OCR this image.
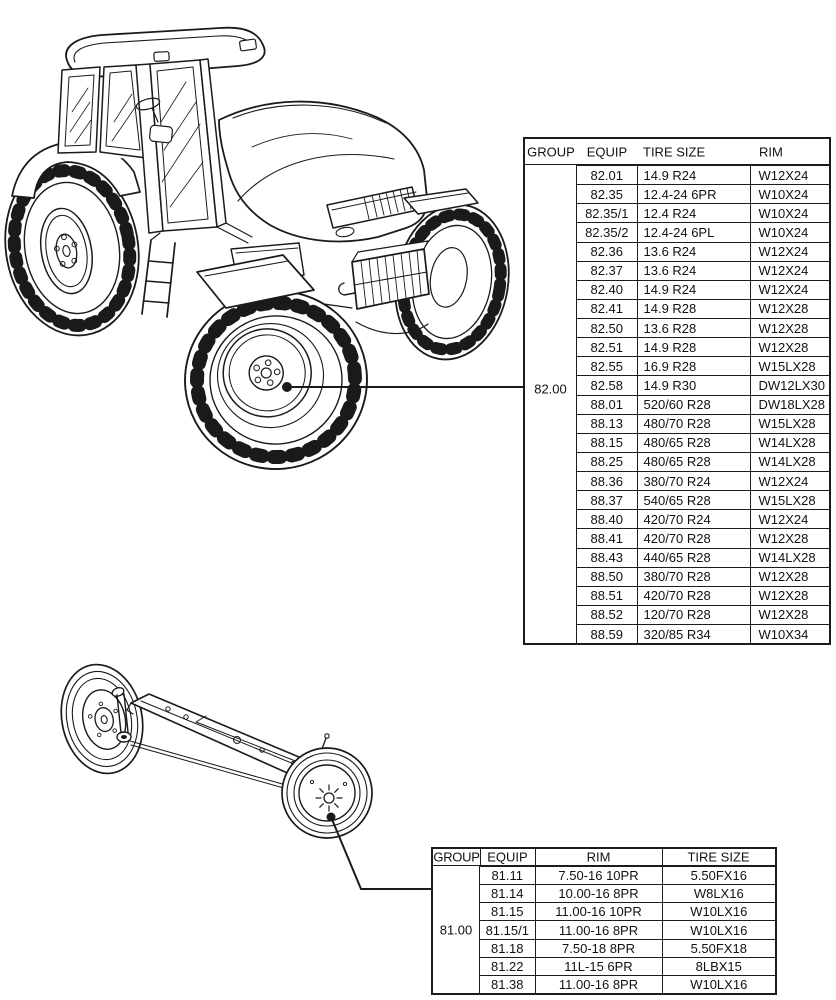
GROUP EQUIP	TIRE SIZE	RIM
82.00
82.01	14.9 R24	W12X24
82.35	12.4-24 6PR	W10X24
82.35/1	12.4 R24	W10X24
82.35/2	12.4-24 6PL	W10X24
82.36	13.6 R24	W12X24
82.37	13.6 R24	W12X24
82.40	14.9 R24	W12X24
82.41	14.9 R28	W12X28
82.50	13.6 R28	W12X28
82.51	14.9 R28	W12X28
82.55	16.9 R28	W15LX28
82.58	14.9 R30	DW12LX30
88.01	520/60 R28	DW18LX28
88.13	480/70 R28	W15LX28
88.15	480/65 R28	W14LX28
88.25	480/65 R28	W14LX28
88.36	380/70 R24	W12X24
88.37	540/65 R28	W15LX28
88.40	420/70 R24	W12X24
88.41	420/70 R28	W12X28
88.43	440/65 R28	W14LX28
88.50	380/70 R28	W12X28
88.51	420/70 R28	W12X28
88.52	120/70 R28	W12X28
88.59	320/85 R34	W10X34
GROUP EQUIP	RIM	TIRE SIZE
81.00
81.11	7.50-16 10PR	5.50FX16
81.14	10.00-16 8PR	W8LX16
81.15	11.00-16 10PR	W10LX16
81.15/1	11.00-16 8PR	W10LX16
81.18	7.50-18 8PR	5.50FX18
81.22	11L-15 6PR	8LBX15
81.38	11.00-16 8PR	W10LX16
